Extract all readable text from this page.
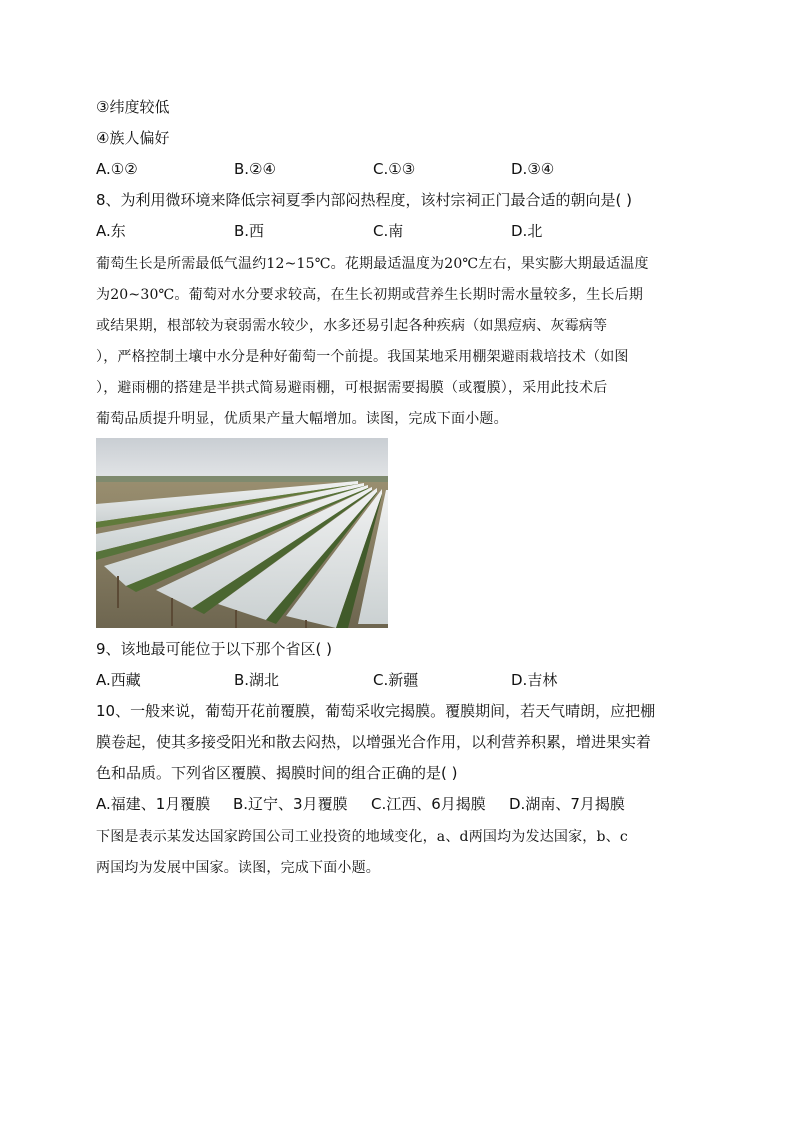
③纬度较低
④族人偏好
A.①②	B.②④	C.①③	D.③④
8、为利用微环境来降低宗祠夏季内部闷热程度，该村宗祠正门最合适的朝向是( )
A.东	B.西	C.南	D.北
葡萄生长是所需最低气温约12~15℃。花期最适温度为20℃左右，果实膨大期最适温度
为20~30℃。葡萄对水分要求较高，在生长初期或营养生长期时需水量较多，生长后期
或结果期，根部较为衰弱需水较少，水多还易引起各种疾病（如黑痘病、灰霉病等
），严格控制土壤中水分是种好葡萄一个前提。我国某地采用棚架避雨栽培技术（如图
），避雨棚的搭建是半拱式简易避雨棚，可根据需要揭膜（或覆膜），采用此技术后
葡萄品质提升明显，优质果产量大幅增加。读图，完成下面小题。
9、该地最可能位于以下那个省区( )
A.西藏	B.湖北	C.新疆	D.吉林
10、一般来说，葡萄开花前覆膜，葡萄采收完揭膜。覆膜期间，若天气晴朗，应把棚
膜卷起，使其多接受阳光和散去闷热，以增强光合作用，以利营养积累，增进果实着
色和品质。下列省区覆膜、揭膜时间的组合正确的是( )
A.福建、1月覆膜 B.辽宁、3月覆膜 C.江西、6月揭膜 D.湖南、7月揭膜
下图是表示某发达国家跨国公司工业投资的地域变化，a、d两国均为发达国家，b、c
两国均为发展中国家。读图，完成下面小题。
